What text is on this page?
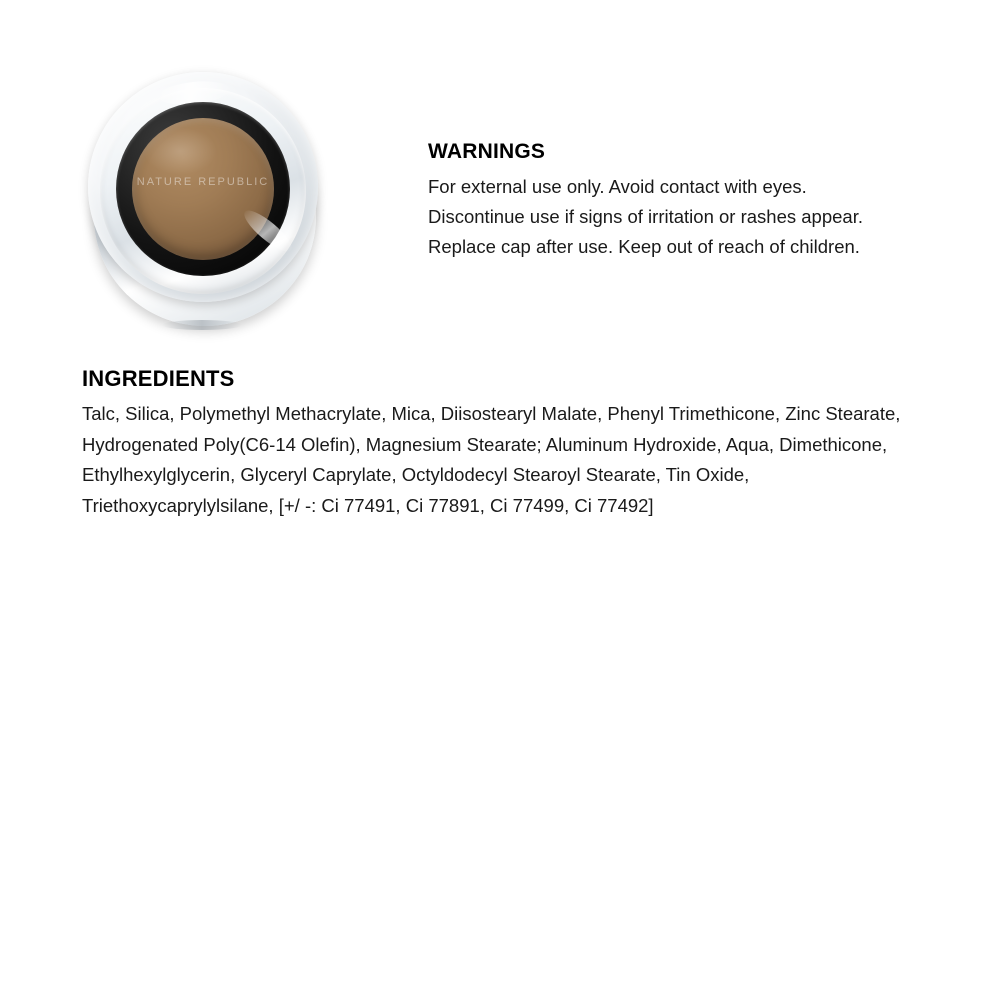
NATURE REPUBLIC
WARNINGS
For external use only. Avoid contact with eyes.
Discontinue use if signs of irritation or rashes appear.
Replace cap after use. Keep out of reach of children.
INGREDIENTS
Talc, Silica, Polymethyl Methacrylate, Mica, Diisostearyl Malate, Phenyl Trimethicone, Zinc Stearate, Hydrogenated Poly(C6-14 Olefin), Magnesium Stearate; Aluminum Hydroxide, Aqua, Dimethicone, Ethylhexylglycerin, Glyceryl Caprylate, Octyldodecyl Stearoyl Stearate, Tin Oxide, Triethoxycaprylylsilane, [+/ -: Ci 77491, Ci 77891, Ci 77499, Ci 77492]
